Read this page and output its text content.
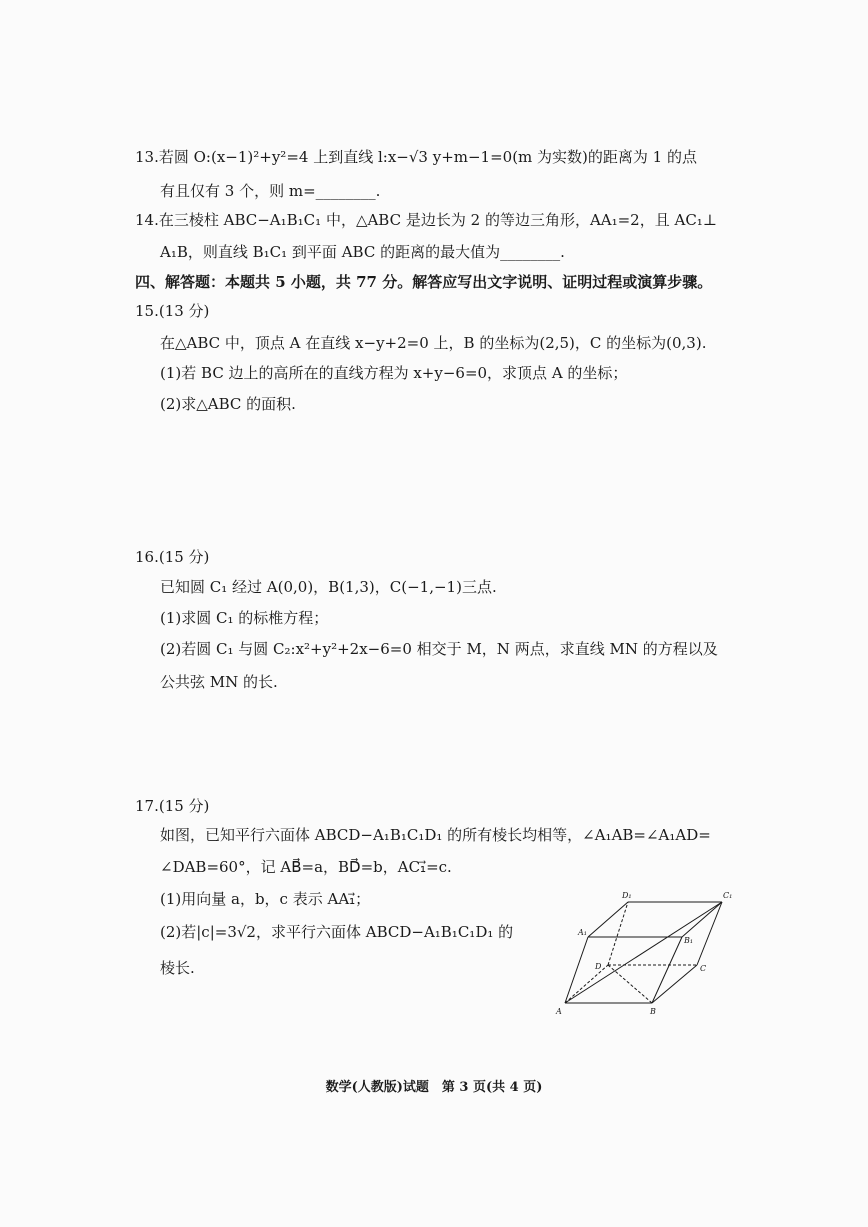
13.若圆 O:(x−1)²+y²=4 上到直线 l:x−√3 y+m−1=0(m 为实数)的距离为 1 的点
有且仅有 3 个，则 m=________.
14.在三棱柱 ABC−A₁B₁C₁ 中，△ABC 是边长为 2 的等边三角形，AA₁=2，且 AC₁⊥
A₁B，则直线 B₁C₁ 到平面 ABC 的距离的最大值为________.
四、解答题：本题共 5 小题，共 77 分。解答应写出文字说明、证明过程或演算步骤。
15.(13 分)
在△ABC 中，顶点 A 在直线 x−y+2=0 上，B 的坐标为(2,5)，C 的坐标为(0,3).
(1)若 BC 边上的高所在的直线方程为 x+y−6=0，求顶点 A 的坐标；
(2)求△ABC 的面积.
16.(15 分)
已知圆 C₁ 经过 A(0,0)，B(1,3)，C(−1,−1)三点.
(1)求圆 C₁ 的标椎方程；
(2)若圆 C₁ 与圆 C₂:x²+y²+2x−6=0 相交于 M，N 两点，求直线 MN 的方程以及
公共弦 MN 的长.
17.(15 分)
如图，已知平行六面体 ABCD−A₁B₁C₁D₁ 的所有棱长均相等，∠A₁AB=∠A₁AD=
∠DAB=60°，记 AB⃗=a，BD⃗=b，AC₁⃗=c.
(1)用向量 a，b，c 表示 AA₁⃗；
(2)若|c|=3√2，求平行六面体 ABCD−A₁B₁C₁D₁ 的
棱长.
A	B
C
D
A₁
B₁
C₁
D₁
数学(人教版)试题　第 3 页(共 4 页)
